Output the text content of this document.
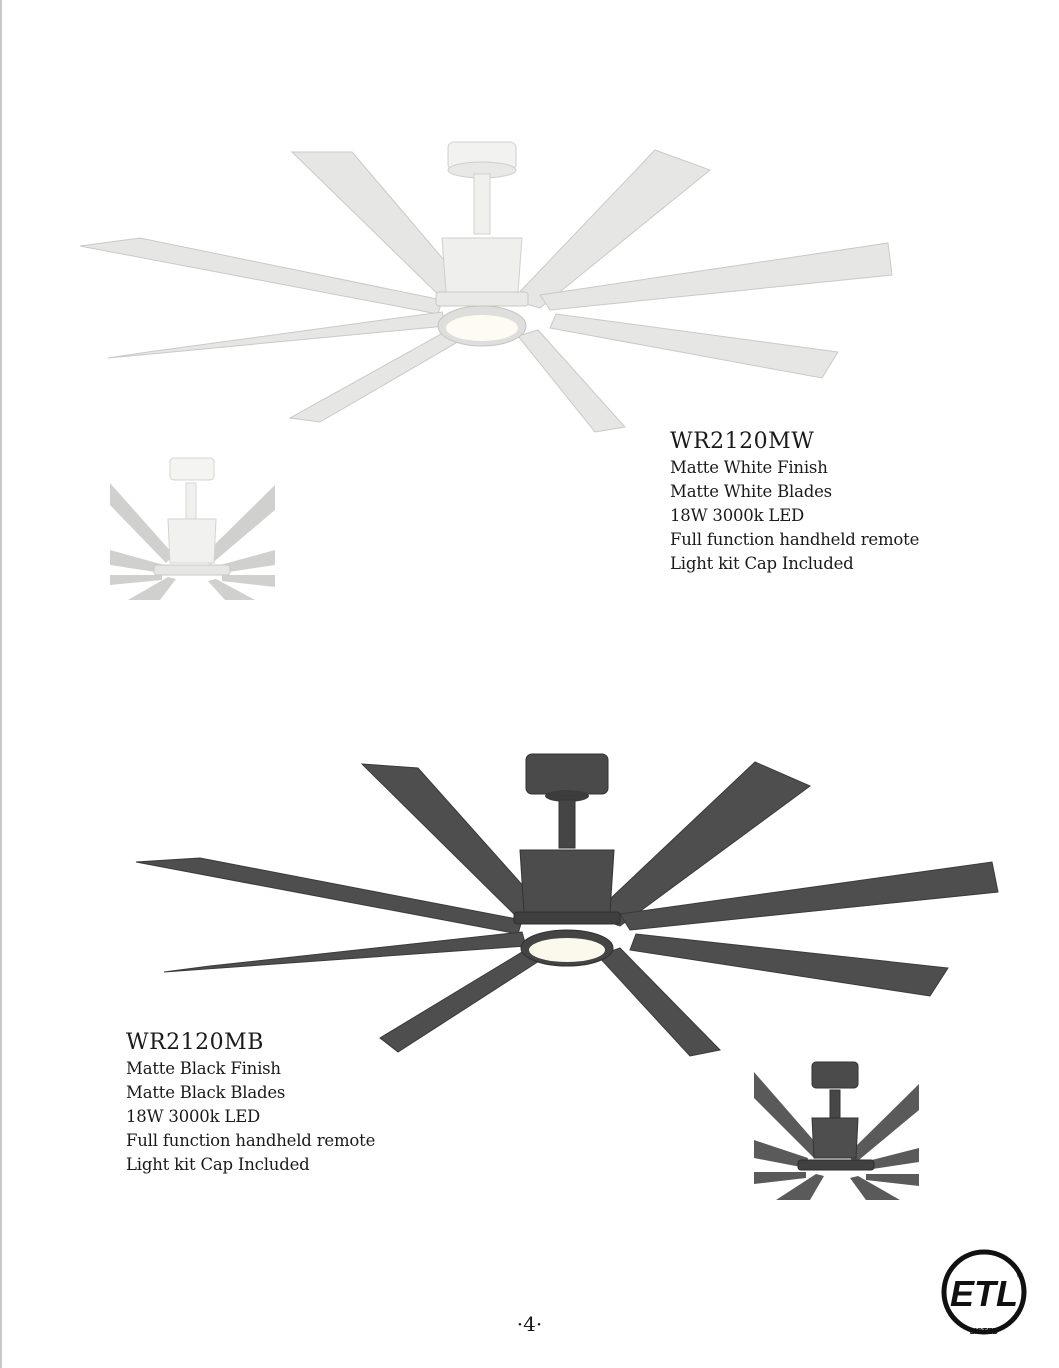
WR2120MW
Matte White Finish
Matte White Blades
18W 3000k LED
Full function handheld remote
Light kit Cap Included
WR2120MB
Matte Black Finish
Matte Black Blades
18W 3000k LED
Full function handheld remote
Light kit Cap Included
ETL
LISTED
®
·4·
